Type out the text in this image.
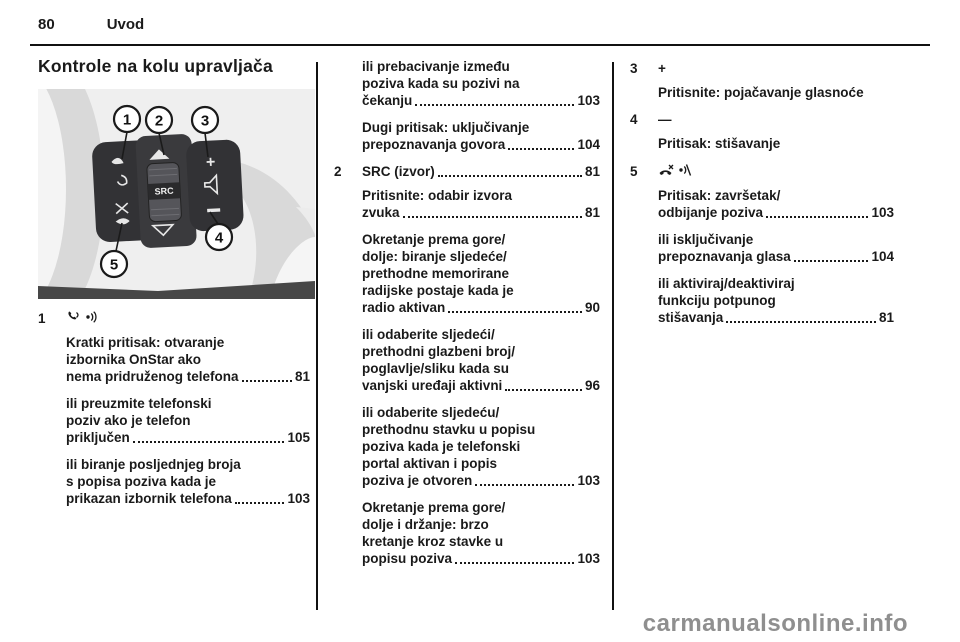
80	Uvod
Kontrole na kolu upravljača
SRC
+
1 2	3
4
5
1
Kratki pritisak: otvaranje
izbornika OnStar ako
nema pridruženog telefona	81
ili preuzmite telefonski
poziv ako je telefon
priključen	105
ili biranje posljednjeg broja
s popisa poziva kada je
prikazan izbornik telefona	103
ili prebacivanje između
poziva kada su pozivi na
čekanju	103
Dugi pritisak: uključivanje
prepoznavanja govora	104
2	SRC (izvor)	81
Pritisnite: odabir izvora
zvuka	81
Okretanje prema gore/
dolje: biranje sljedeće/
prethodne memorirane
radijske postaje kada je
radio aktivan	90
ili odaberite sljedeći/
prethodni glazbeni broj/
poglavlje/sliku kada su
vanjski uređaji aktivni	96
ili odaberite sljedeću/
prethodnu stavku u popisu
poziva kada je telefonski
portal aktivan i popis
poziva je otvoren	103
Okretanje prema gore/
dolje i držanje: brzo
kretanje kroz stavke u
popisu poziva	103
3	+
Pritisnite: pojačavanje glasnoće
4	—
Pritisak: stišavanje
5
Pritisak: završetak/
odbijanje poziva	103
ili isključivanje
prepoznavanja glasa	104
ili aktiviraj/deaktiviraj
funkciju potpunog
stišavanja	81
carmanualsonline.info
